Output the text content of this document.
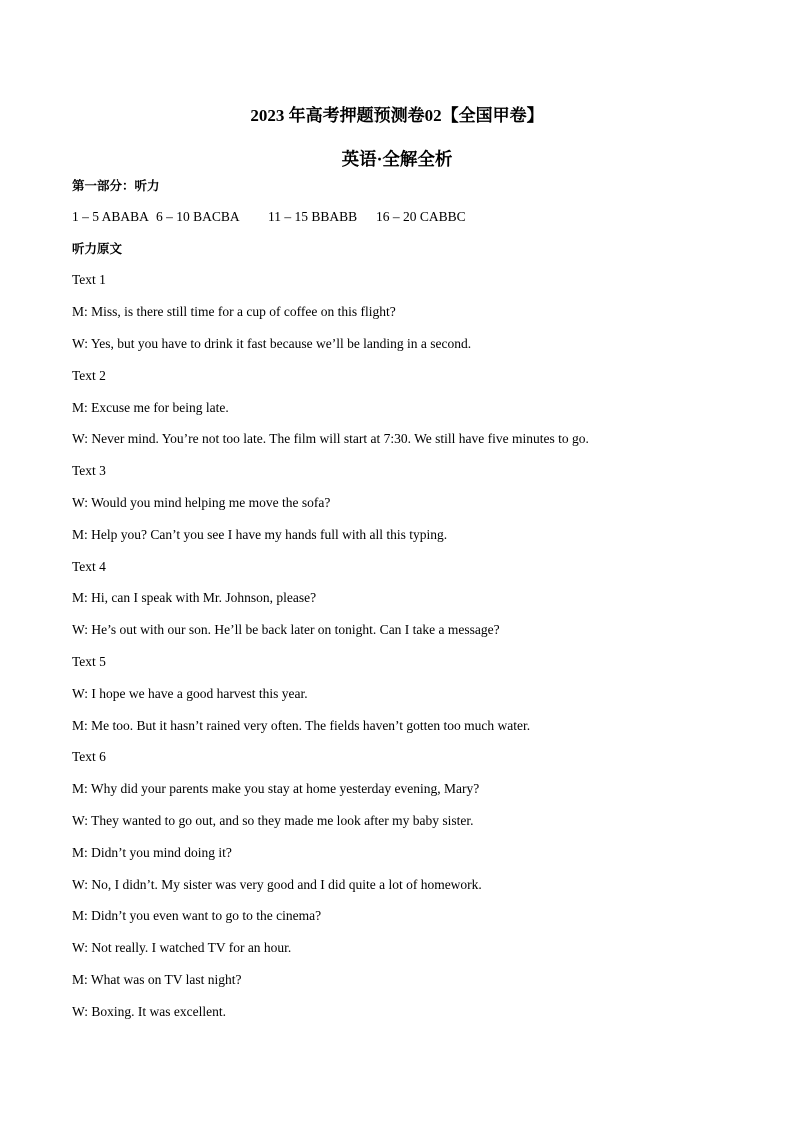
2023 年高考押题预测卷02【全国甲卷】
英语·全解全析
第一部分：听力
1 – 5 ABABA 6 – 10 BACBA 11 – 15 BBABB 16 – 20 CABBC
听力原文
Text 1
M: Miss, is there still time for a cup of coffee on this flight?
W: Yes, but you have to drink it fast because we’ll be landing in a second.
Text 2
M: Excuse me for being late.
W: Never mind. You’re not too late. The film will start at 7:30. We still have five minutes to go.
Text 3
W: Would you mind helping me move the sofa?
M: Help you? Can’t you see I have my hands full with all this typing.
Text 4
M: Hi, can I speak with Mr. Johnson, please?
W: He’s out with our son. He’ll be back later on tonight. Can I take a message?
Text 5
W: I hope we have a good harvest this year.
M: Me too. But it hasn’t rained very often. The fields haven’t gotten too much water.
Text 6
M: Why did your parents make you stay at home yesterday evening, Mary?
W: They wanted to go out, and so they made me look after my baby sister.
M: Didn’t you mind doing it?
W: No, I didn’t. My sister was very good and I did quite a lot of homework.
M: Didn’t you even want to go to the cinema?
W: Not really. I watched TV for an hour.
M: What was on TV last night?
W: Boxing. It was excellent.
